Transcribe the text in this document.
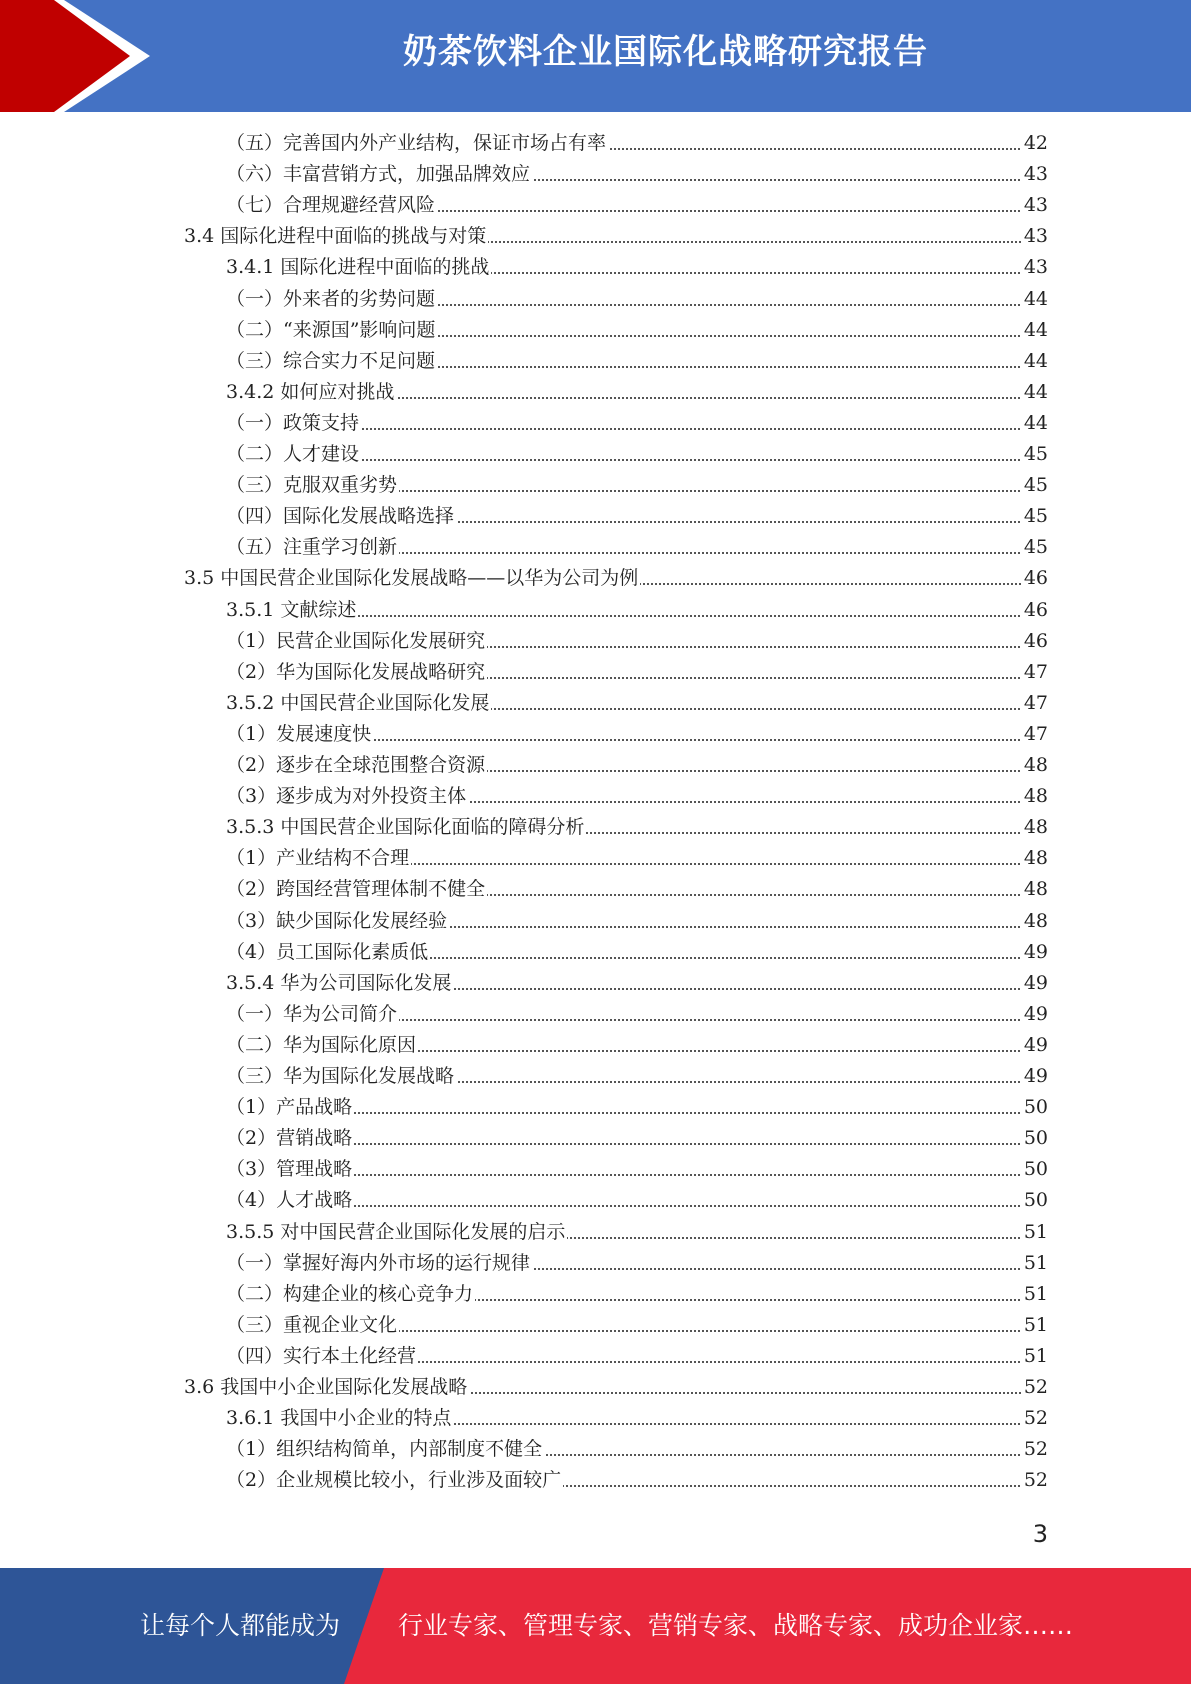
奶茶饮料企业国际化战略研究报告
（五）完善国内外产业结构，保证市场占有率	42
（六）丰富营销方式，加强品牌效应	43
（七）合理规避经营风险	43
3.4 国际化进程中面临的挑战与对策	43
3.4.1 国际化进程中面临的挑战	43
（一）外来者的劣势问题	44
（二）“来源国”影响问题	44
（三）综合实力不足问题	44
3.4.2 如何应对挑战	44
（一）政策支持	44
（二）人才建设	45
（三）克服双重劣势	45
（四）国际化发展战略选择	45
（五）注重学习创新	45
3.5 中国民营企业国际化发展战略——以华为公司为例	46
3.5.1 文献综述	46
（1）民营企业国际化发展研究	46
（2）华为国际化发展战略研究	47
3.5.2 中国民营企业国际化发展	47
（1）发展速度快	47
（2）逐步在全球范围整合资源	48
（3）逐步成为对外投资主体	48
3.5.3 中国民营企业国际化面临的障碍分析	48
（1）产业结构不合理	48
（2）跨国经营管理体制不健全	48
（3）缺少国际化发展经验	48
（4）员工国际化素质低	49
3.5.4 华为公司国际化发展	49
（一）华为公司简介	49
（二）华为国际化原因	49
（三）华为国际化发展战略	49
（1）产品战略	50
（2）营销战略	50
（3）管理战略	50
（4）人才战略	50
3.5.5 对中国民营企业国际化发展的启示	51
（一）掌握好海内外市场的运行规律	51
（二）构建企业的核心竞争力	51
（三）重视企业文化	51
（四）实行本土化经营	51
3.6 我国中小企业国际化发展战略	52
3.6.1 我国中小企业的特点	52
（1）组织结构简单，内部制度不健全	52
（2）企业规模比较小，行业涉及面较广	52
3
让每个人都能成为 行业专家、管理专家、营销专家、战略专家、成功企业家……
